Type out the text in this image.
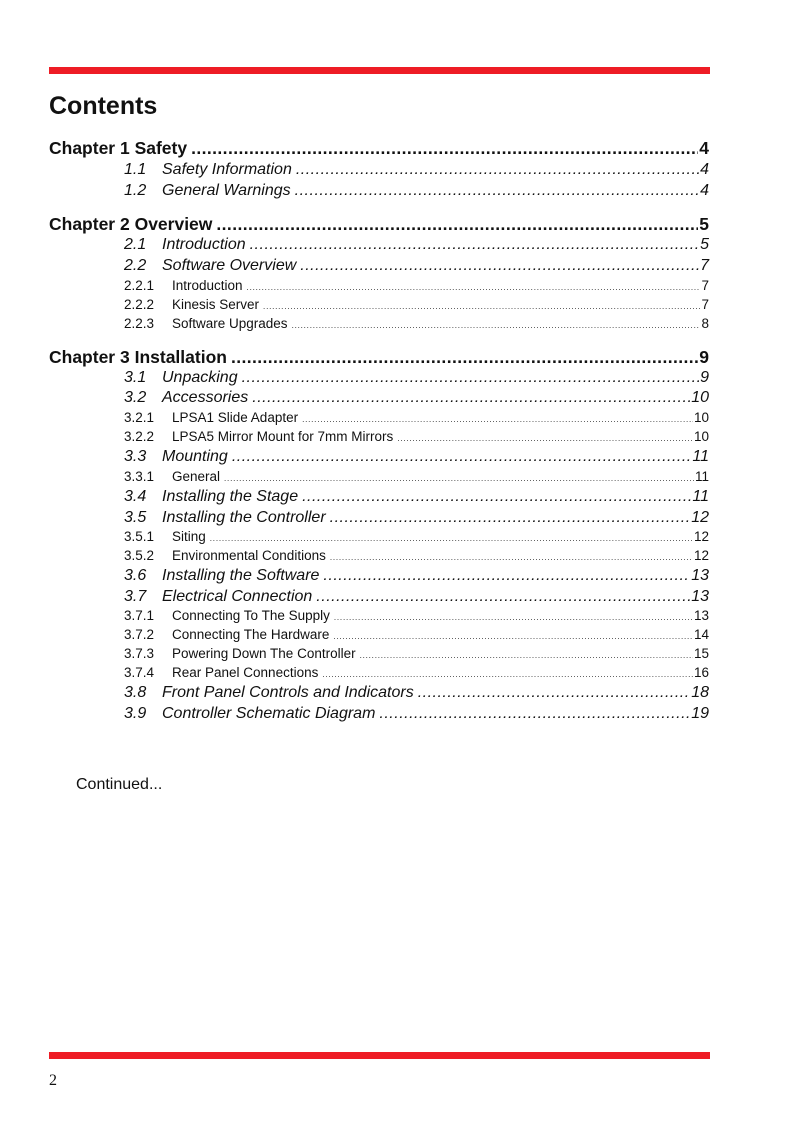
Contents
Chapter 1 Safety .....	4
1.1 Safety Information .....	4
1.2 General Warnings .....	4
Chapter 2 Overview .....	5
2.1 Introduction .....	5
2.2 Software Overview .....	7
2.2.1	Introduction .....	7
2.2.2	Kinesis Server .....	7
2.2.3	Software Upgrades .....	8
Chapter 3 Installation .....	9
3.1 Unpacking .....	9
3.2 Accessories .....	10
3.2.1	LPSA1 Slide Adapter .....	10
3.2.2	LPSA5 Mirror Mount for 7mm Mirrors .....	10
3.3 Mounting .....	11
3.3.1	General .....	11
3.4 Installing the Stage .....	11
3.5 Installing the Controller .....	12
3.5.1	Siting .....	12
3.5.2	Environmental Conditions .....	12
3.6 Installing the Software .....	13
3.7 Electrical Connection .....	13
3.7.1	Connecting To The Supply .....	13
3.7.2	Connecting The Hardware .....	14
3.7.3	Powering Down The Controller .....	15
3.7.4	Rear Panel Connections .....	16
3.8 Front Panel Controls and Indicators .....	18
3.9 Controller Schematic Diagram .....	19
Continued...
2
